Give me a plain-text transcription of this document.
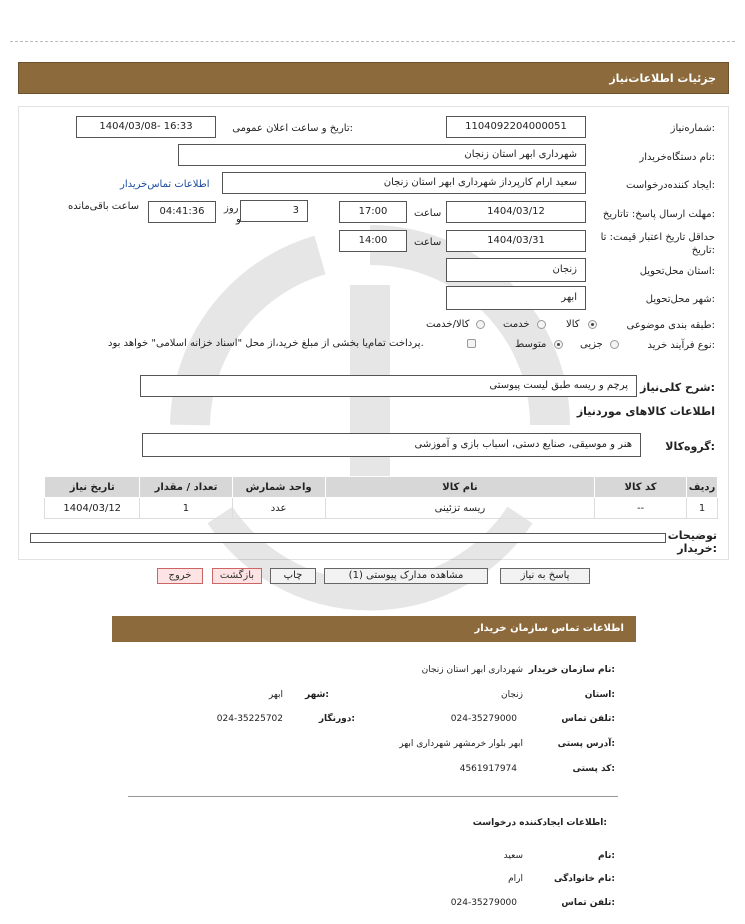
جزئیات اطلاعات‌نیاز
شماره‌نیاز:
1104092204000051
تاریخ و ساعت اعلان عمومی:
1404/03/08- 16:33
نام دستگاه‌خریدار:
شهرداری ابهر استان زنجان
ایجاد کننده‌درخواست:
سعید ارام کارپرداز شهرداری ابهر استان زنجان
اطلاعات تماس‌خریدار
مهلت ارسال پاسخ: تاتاریخ:
1404/03/12
ساعت
17:00
3
روز
و
04:41:36
ساعت باقی‌مانده
حداقل تاریخ اعتبار قیمت: تا تاریخ:
1404/03/31
ساعت
14:00
استان محل‌تحویل:
زنجان
شهر محل‌تحویل:
ابهر
طبقه بندی موضوعی:
کالا
خدمت
کالا/خدمت
نوع فرآیند خرید:
جزیی
متوسط
پرداخت تمام‌یا بخشی از مبلغ خرید،از محل "اسناد خزانه اسلامی" خواهد بود.
شرح کلی‌نیاز:
پرچم و ریسه طبق لیست پیوستی
اطلاعات کالاهای موردنیاز
گروه‌کالا:
هنر و موسیقی، صنایع دستی، اسباب بازی و آموزشی
تاریخ نیاز	تعداد / مقدار	واحد شمارش	نام کالا	کد کالا	ردیف
1404/03/12	1	عدد	ریسه تزئینی	--	1
توضیحات خریدار:
پاسخ به نیاز
مشاهده مدارک پیوستی (1)
چاپ
بازگشت
خروج
اطلاعات تماس سازمان خریدار
نام سازمان خریدار:
شهرداری ابهر استان زنجان
استان:
زنجان
شهر:
ابهر
تلفن تماس:
024-35279000
دورنگار:
024-35225702
آدرس پستی:
ابهر بلوار خرمشهر شهرداری ابهر
کد پستی:
4561917974
اطلاعات ایجادکننده درخواست:
نام:
سعید
نام خانوادگی:
ارام
تلفن تماس:
024-35279000
